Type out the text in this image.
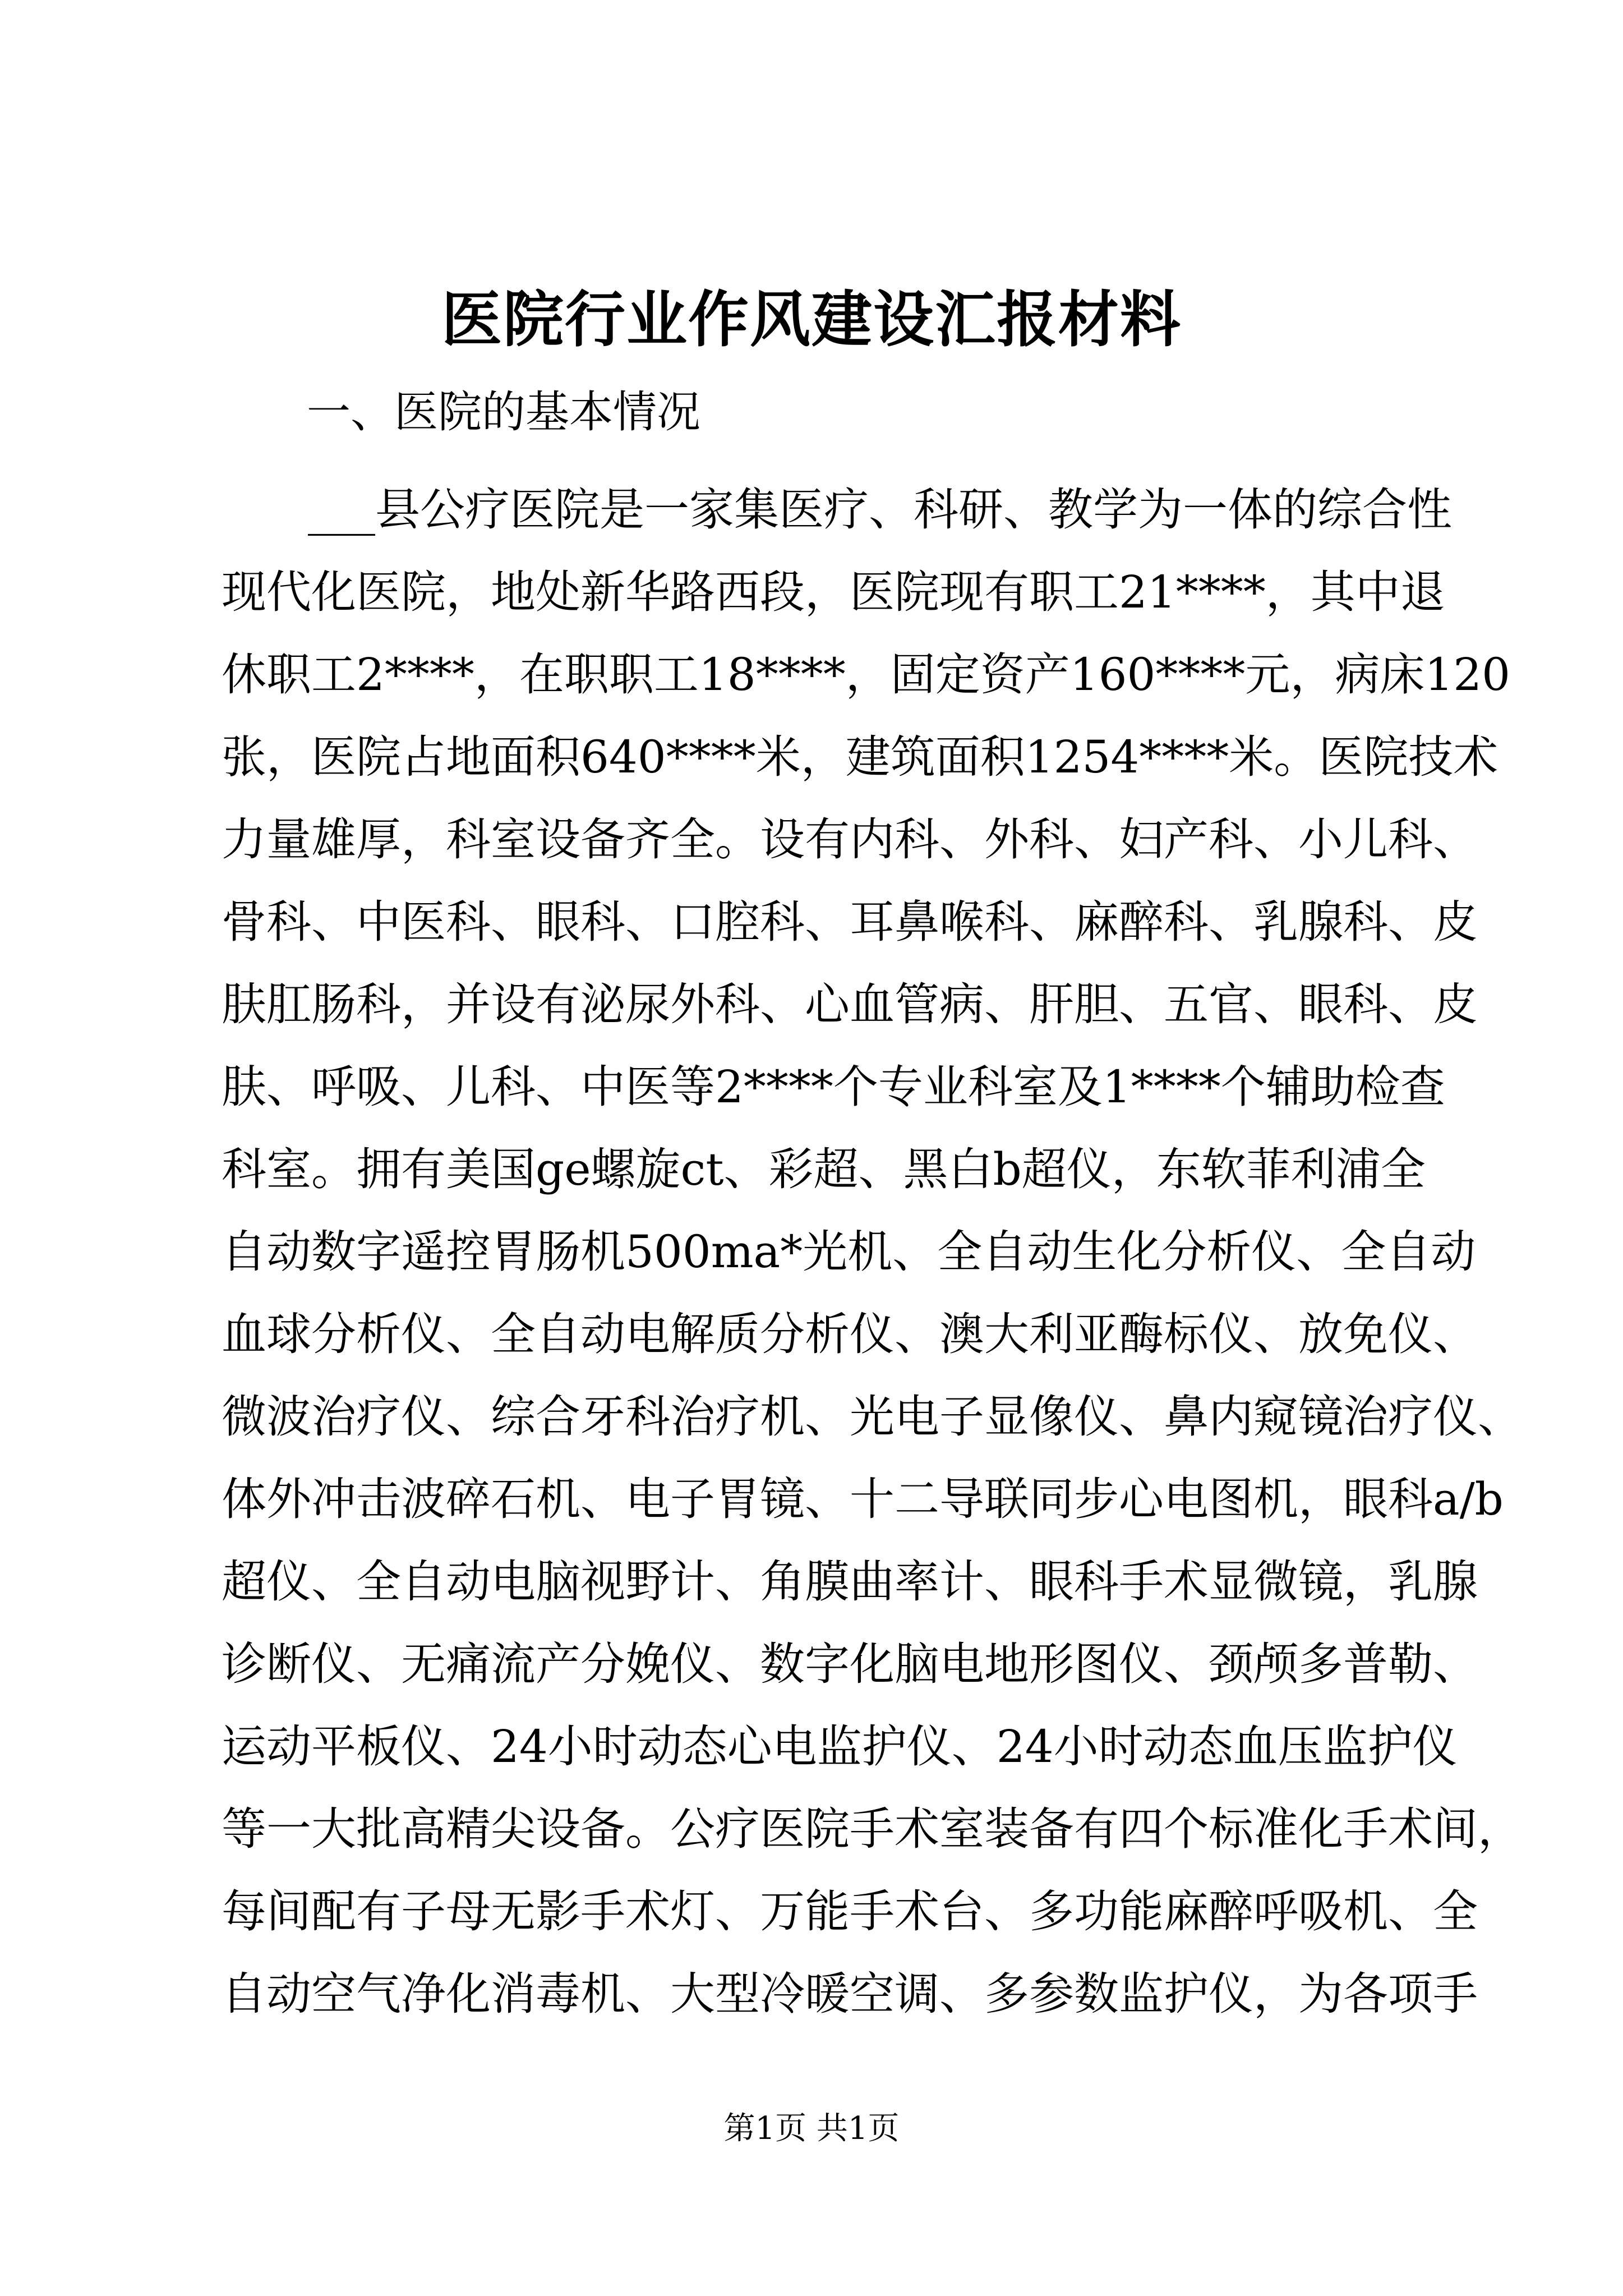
医院行业作风建设汇报材料
一、医院的基本情况
___县公疗医院是一家集医疗、科研、教学为一体的综合性
现代化医院，地处新华路西段，医院现有职工21****，其中退
休职工2****，在职职工18****，固定资产160****元，病床120
张，医院占地面积640****米，建筑面积1254****米。医院技术
力量雄厚，科室设备齐全。设有内科、外科、妇产科、小儿科、
骨科、中医科、眼科、口腔科、耳鼻喉科、麻醉科、乳腺科、皮
肤肛肠科，并设有泌尿外科、心血管病、肝胆、五官、眼科、皮
肤、呼吸、儿科、中医等2****个专业科室及1****个辅助检查
科室。拥有美国ge螺旋ct、彩超、黑白b超仪，东软菲利浦全
自动数字遥控胃肠机500ma*光机、全自动生化分析仪、全自动
血球分析仪、全自动电解质分析仪、澳大利亚酶标仪、放免仪、
微波治疗仪、综合牙科治疗机、光电子显像仪、鼻内窥镜治疗仪、
体外冲击波碎石机、电子胃镜、十二导联同步心电图机，眼科a/b
超仪、全自动电脑视野计、角膜曲率计、眼科手术显微镜，乳腺
诊断仪、无痛流产分娩仪、数字化脑电地形图仪、颈颅多普勒、
运动平板仪、24小时动态心电监护仪、24小时动态血压监护仪
等一大批高精尖设备。公疗医院手术室装备有四个标准化手术间，
每间配有子母无影手术灯、万能手术台、多功能麻醉呼吸机、全
自动空气净化消毒机、大型冷暖空调、多参数监护仪，为各项手
第1页 共1页
